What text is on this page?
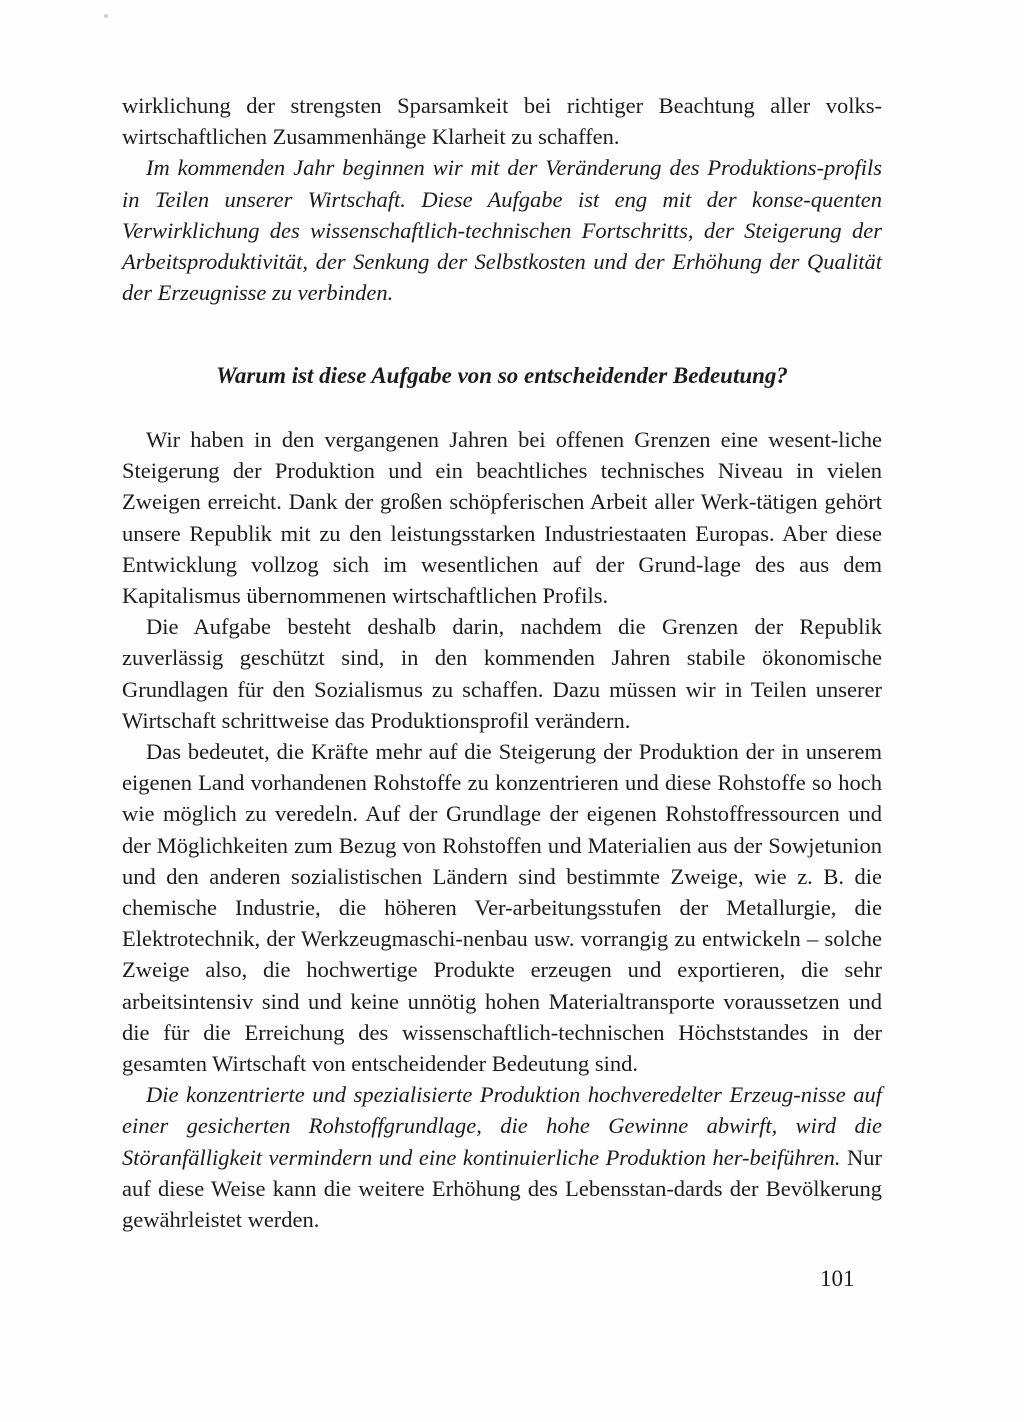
wirklichung der strengsten Sparsamkeit bei richtiger Beachtung aller volks-wirtschaftlichen Zusammenhänge Klarheit zu schaffen.

Im kommenden Jahr beginnen wir mit der Veränderung des Produktions-profils in Teilen unserer Wirtschaft. Diese Aufgabe ist eng mit der konse-quenten Verwirklichung des wissenschaftlich-technischen Fortschritts, der Steigerung der Arbeitsproduktivität, der Senkung der Selbstkosten und der Erhöhung der Qualität der Erzeugnisse zu verbinden.

Warum ist diese Aufgabe von so entscheidender Bedeutung?

Wir haben in den vergangenen Jahren bei offenen Grenzen eine wesent-liche Steigerung der Produktion und ein beachtliches technisches Niveau in vielen Zweigen erreicht. Dank der großen schöpferischen Arbeit aller Werk-tätigen gehört unsere Republik mit zu den leistungsstarken Industriestaaten Europas. Aber diese Entwicklung vollzog sich im wesentlichen auf der Grund-lage des aus dem Kapitalismus übernommenen wirtschaftlichen Profils.

Die Aufgabe besteht deshalb darin, nachdem die Grenzen der Republik zuverlässig geschützt sind, in den kommenden Jahren stabile ökonomische Grundlagen für den Sozialismus zu schaffen. Dazu müssen wir in Teilen unserer Wirtschaft schrittweise das Produktionsprofil verändern.

Das bedeutet, die Kräfte mehr auf die Steigerung der Produktion der in unserem eigenen Land vorhandenen Rohstoffe zu konzentrieren und diese Rohstoffe so hoch wie möglich zu veredeln. Auf der Grundlage der eigenen Rohstoffressourcen und der Möglichkeiten zum Bezug von Rohstoffen und Materialien aus der Sowjetunion und den anderen sozialistischen Ländern sind bestimmte Zweige, wie z. B. die chemische Industrie, die höheren Ver-arbeitungsstufen der Metallurgie, die Elektrotechnik, der Werkzeugmaschi-nenbau usw. vorrangig zu entwickeln – solche Zweige also, die hochwertige Produkte erzeugen und exportieren, die sehr arbeitsintensiv sind und keine unnötig hohen Materialtransporte voraussetzen und die für die Erreichung des wissenschaftlich-technischen Höchststandes in der gesamten Wirtschaft von entscheidender Bedeutung sind.

Die konzentrierte und spezialisierte Produktion hochveredelter Erzeug-nisse auf einer gesicherten Rohstoffgrundlage, die hohe Gewinne abwirft, wird die Störanfälligkeit vermindern und eine kontinuierliche Produktion her-beiführen. Nur auf diese Weise kann die weitere Erhöhung des Lebensstan-dards der Bevölkerung gewährleistet werden.

101
